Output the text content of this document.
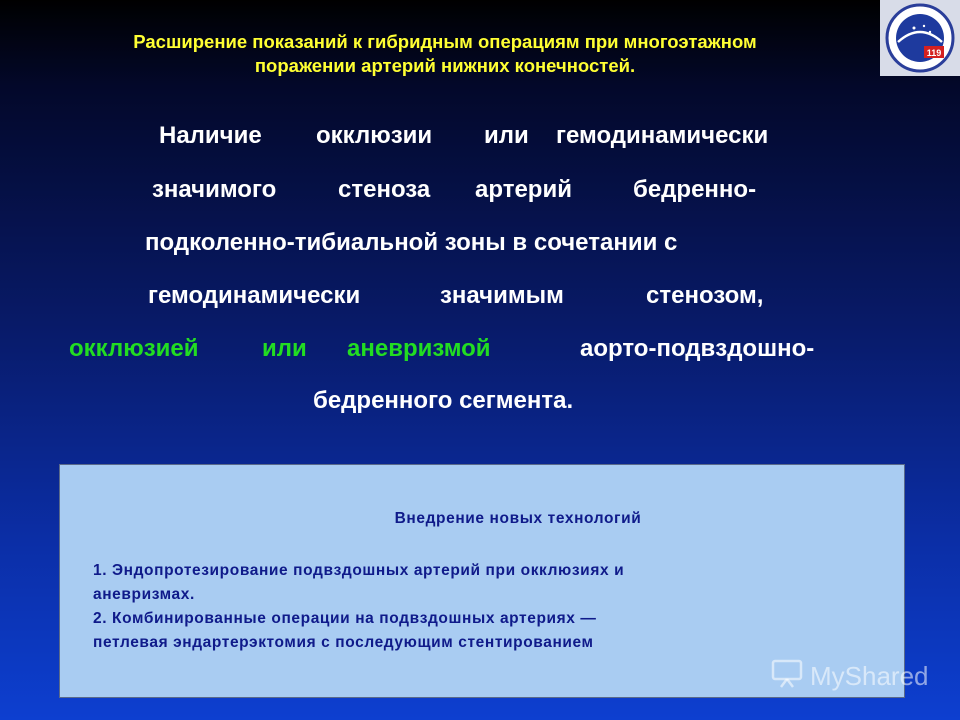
Расширение показаний к гибридным операциям при многоэтажном
поражении артерий нижних конечностей.
119
Наличие окклюзии или гемодинамически
значимого	стеноза артерий	бедренно-
подколенно-тибиальной зоны в сочетании с
гемодинамически	значимым	стенозом,
окклюзией	или аневризмой	аорто-подвздошно-
бедренного сегмента.
Внедрение новых технологий
1. Эндопротезирование подвздошных артерий при окклюзиях и
аневризмах.
2. Комбинированные операции на подвздошных артериях —
петлевая эндартерэктомия с последующим стентированием
MyShared
